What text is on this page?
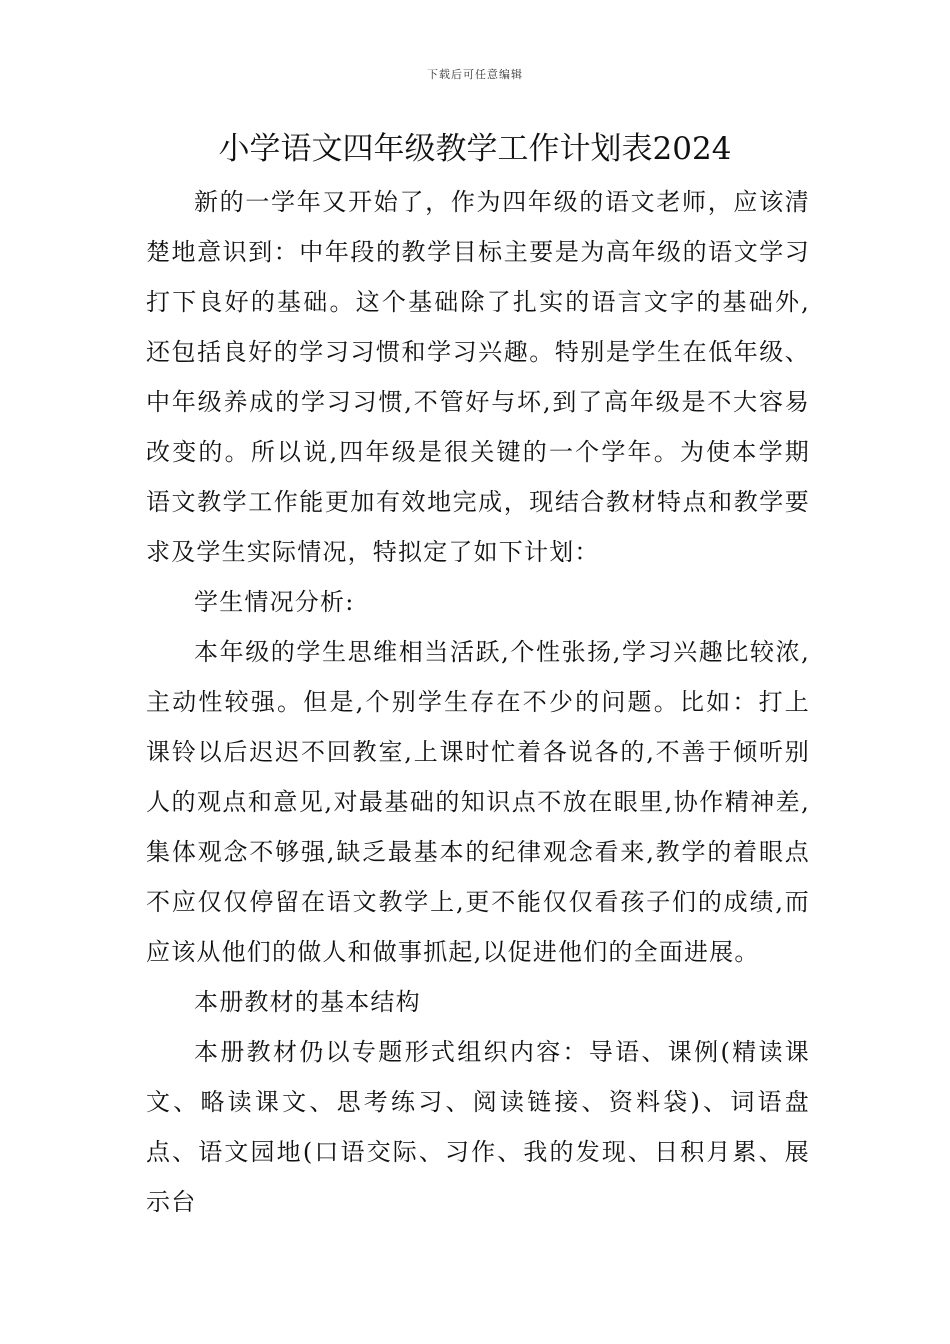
下载后可任意编辑
小学语文四年级教学工作计划表2024

新的一学年又开始了，作为四年级的语文老师，应该清楚地意识到：中年段的教学目标主要是为高年级的语文学习打下良好的基础。这个基础除了扎实的语言文字的基础外,还包括良好的学习习惯和学习兴趣。特别是学生在低年级、中年级养成的学习习惯,不管好与坏,到了高年级是不大容易改变的。所以说,四年级是很关键的一个学年。为使本学期语文教学工作能更加有效地完成，现结合教材特点和教学要求及学生实际情况，特拟定了如下计划：

学生情况分析:

本年级的学生思维相当活跃,个性张扬,学习兴趣比较浓,主动性较强。但是,个别学生存在不少的问题。比如：打上课铃以后迟迟不回教室,上课时忙着各说各的,不善于倾听别人的观点和意见,对最基础的知识点不放在眼里,协作精神差,集体观念不够强,缺乏最基本的纪律观念看来,教学的着眼点不应仅仅停留在语文教学上,更不能仅仅看孩子们的成绩,而应该从他们的做人和做事抓起,以促进他们的全面进展。

本册教材的基本结构

本册教材仍以专题形式组织内容：导语、课例(精读课文、略读课文、思考练习、阅读链接、资料袋)、词语盘点、语文园地(口语交际、习作、我的发现、日积月累、展示台
